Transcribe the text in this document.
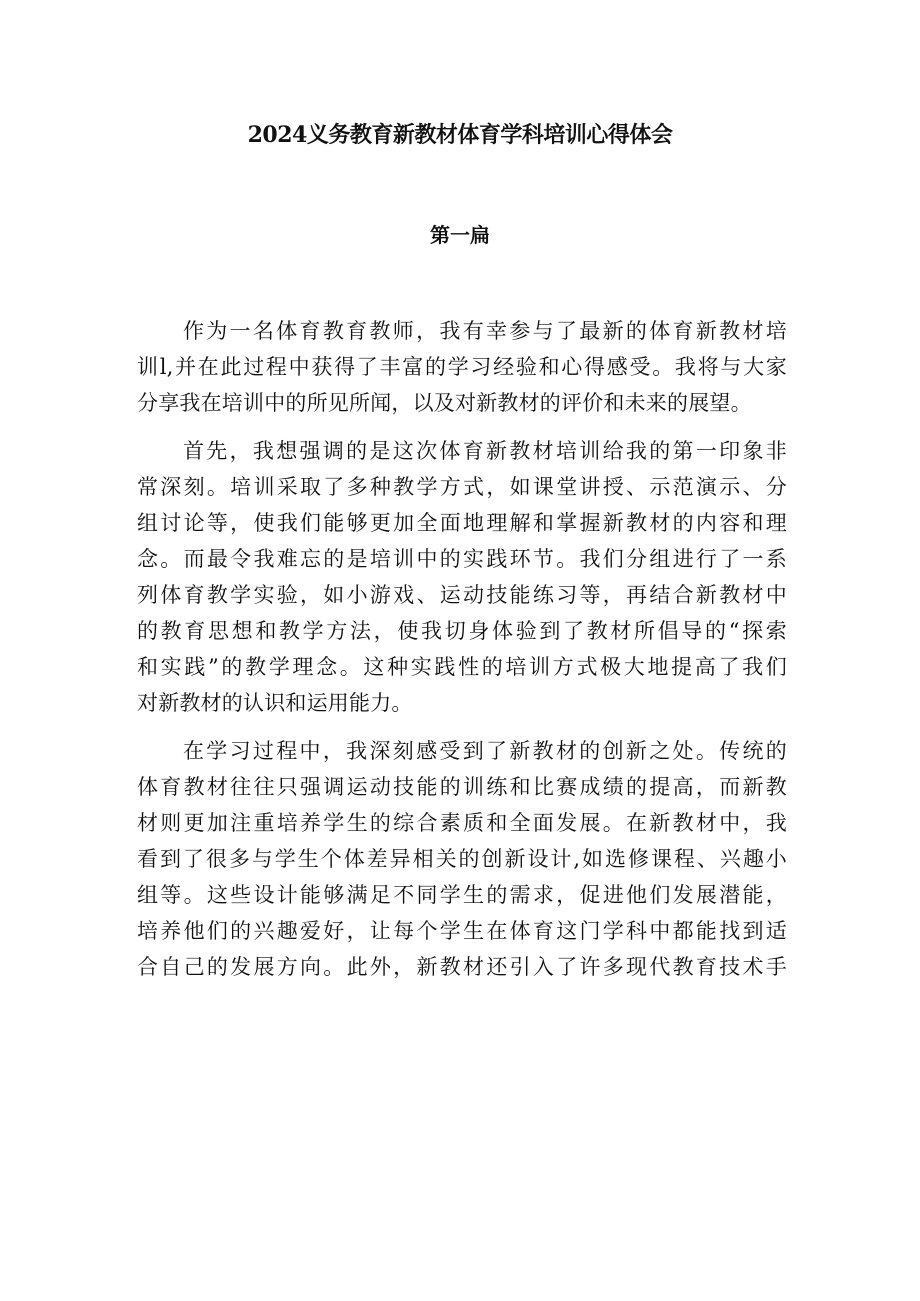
2024义务教育新教材体育学科培训心得体会
第一扁

作为一名体育教育教师，我有幸参与了最新的体育新教材培
训l,并在此过程中获得了丰富的学习经验和心得感受。我将与大家
分享我在培训中的所见所闻，以及对新教材的评价和未来的展望。

首先，我想强调的是这次体育新教材培训给我的第一印象非
常深刻。培训采取了多种教学方式，如课堂讲授、示范演示、分
组讨论等，使我们能够更加全面地理解和掌握新教材的内容和理
念。而最令我难忘的是培训中的实践环节。我们分组进行了一系
列体育教学实验，如小游戏、运动技能练习等，再结合新教材中
的教育思想和教学方法，使我切身体验到了教材所倡导的“探索
和实践”的教学理念。这种实践性的培训方式极大地提高了我们
对新教材的认识和运用能力。

在学习过程中，我深刻感受到了新教材的创新之处。传统的
体育教材往往只强调运动技能的训练和比赛成绩的提高，而新教
材则更加注重培养学生的综合素质和全面发展。在新教材中，我
看到了很多与学生个体差异相关的创新设计,如选修课程、兴趣小
组等。这些设计能够满足不同学生的需求，促进他们发展潜能，
培养他们的兴趣爱好，让每个学生在体育这门学科中都能找到适
合自己的发展方向。此外，新教材还引入了许多现代教育技术手
